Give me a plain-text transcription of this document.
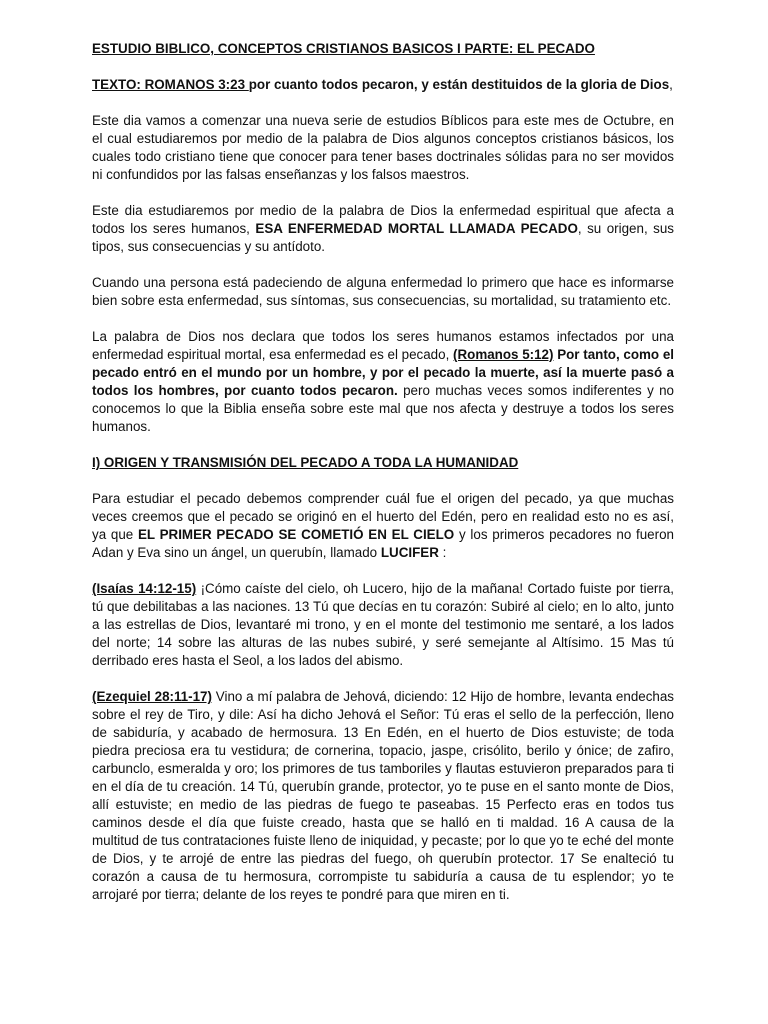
ESTUDIO BIBLICO, CONCEPTOS CRISTIANOS BASICOS I PARTE: EL PECADO
TEXTO: ROMANOS 3:23 por cuanto todos pecaron, y están destituidos de la gloria de Dios,
Este dia vamos a comenzar una nueva serie de estudios Bíblicos para este mes de Octubre, en el cual estudiaremos por medio de la palabra de Dios algunos conceptos cristianos básicos, los cuales todo cristiano tiene que conocer para tener bases doctrinales sólidas para no ser movidos ni confundidos por las falsas enseñanzas y los falsos maestros.
Este dia estudiaremos por medio de la palabra de Dios la enfermedad espiritual que afecta a todos los seres humanos, ESA ENFERMEDAD MORTAL LLAMADA PECADO, su origen, sus tipos, sus consecuencias y su antídoto.
Cuando una persona está padeciendo de alguna enfermedad lo primero que hace es informarse bien sobre esta enfermedad, sus síntomas, sus consecuencias, su mortalidad, su tratamiento etc.
La palabra de Dios nos declara que todos los seres humanos estamos infectados por una enfermedad espiritual mortal, esa enfermedad es el pecado, (Romanos 5:12) Por tanto, como el pecado entró en el mundo por un hombre, y por el pecado la muerte, así la muerte pasó a todos los hombres, por cuanto todos pecaron. pero muchas veces somos indiferentes y no conocemos lo que la Biblia enseña sobre este mal que nos afecta y destruye a todos los seres humanos.
I) ORIGEN Y TRANSMISIÓN DEL PECADO A TODA LA HUMANIDAD
Para estudiar el pecado debemos comprender cuál fue el origen del pecado, ya que muchas veces creemos que el pecado se originó en el huerto del Edén, pero en realidad esto no es así, ya que EL PRIMER PECADO SE COMETIÓ EN EL CIELO y los primeros pecadores no fueron Adan y Eva sino un ángel, un querubín, llamado LUCIFER :
(Isaías 14:12-15) ¡Cómo caíste del cielo, oh Lucero, hijo de la mañana! Cortado fuiste por tierra, tú que debilitabas a las naciones. 13 Tú que decías en tu corazón: Subiré al cielo; en lo alto, junto a las estrellas de Dios, levantaré mi trono, y en el monte del testimonio me sentaré, a los lados del norte; 14 sobre las alturas de las nubes subiré, y seré semejante al Altísimo. 15 Mas tú derribado eres hasta el Seol, a los lados del abismo.
(Ezequiel 28:11-17) Vino a mí palabra de Jehová, diciendo: 12 Hijo de hombre, levanta endechas sobre el rey de Tiro, y dile: Así ha dicho Jehová el Señor: Tú eras el sello de la perfección, lleno de sabiduría, y acabado de hermosura. 13 En Edén, en el huerto de Dios estuviste; de toda piedra preciosa era tu vestidura; de cornerina, topacio, jaspe, crisólito, berilo y ónice; de zafiro, carbunclo, esmeralda y oro; los primores de tus tamboriles y flautas estuvieron preparados para ti en el día de tu creación. 14 Tú, querubín grande, protector, yo te puse en el santo monte de Dios, allí estuviste; en medio de las piedras de fuego te paseabas. 15 Perfecto eras en todos tus caminos desde el día que fuiste creado, hasta que se halló en ti maldad. 16 A causa de la multitud de tus contrataciones fuiste lleno de iniquidad, y pecaste; por lo que yo te eché del monte de Dios, y te arrojé de entre las piedras del fuego, oh querubín protector. 17 Se enalteció tu corazón a causa de tu hermosura, corrompiste tu sabiduría a causa de tu esplendor; yo te arrojaré por tierra; delante de los reyes te pondré para que miren en ti.
